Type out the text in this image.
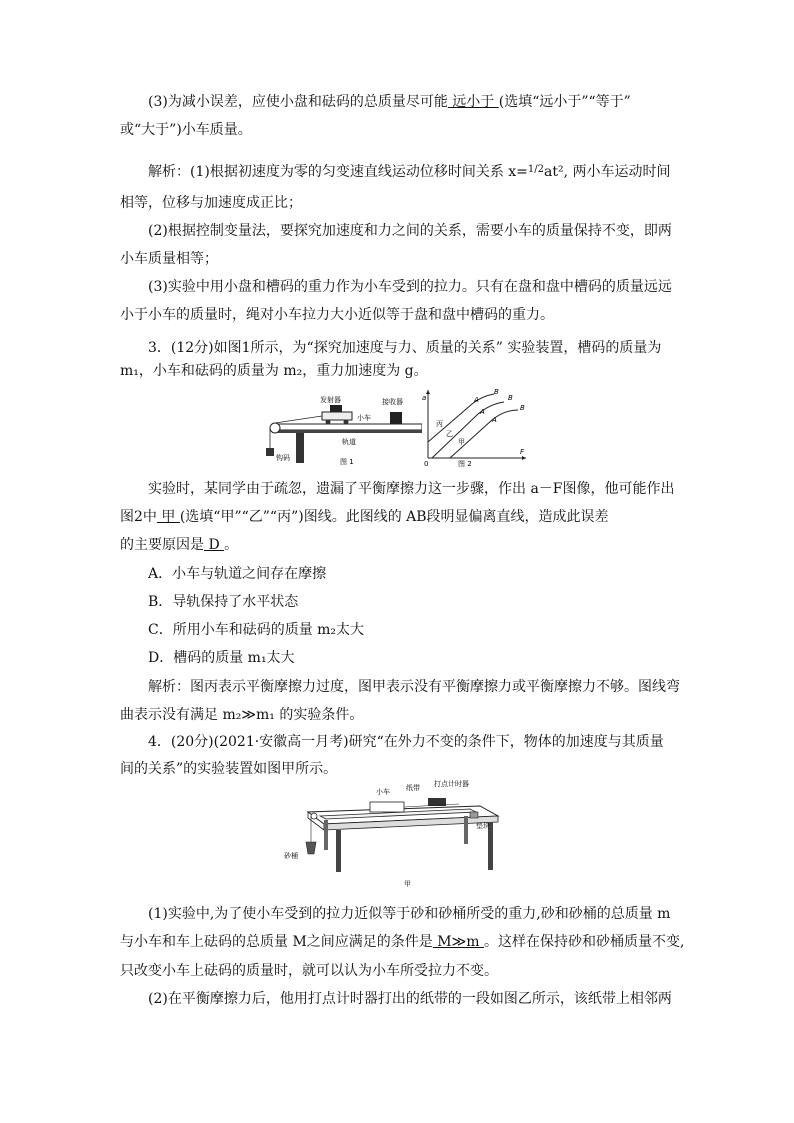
(3)为减小误差，应使小盘和砝码的总质量尽可能 远小于 (选填“远小于”“等于”
或“大于”)小车质量。
解析：(1)根据初速度为零的匀变速直线运动位移时间关系 x=$^{1/2}$at², 两小车运动时间
相等，位移与加速度成正比；
(2)根据控制变量法，要探究加速度和力之间的关系，需要小车的质量保持不变，即两
小车质量相等；
(3)实验中用小盘和槽码的重力作为小车受到的拉力。只有在盘和盘中槽码的质量远远
小于小车的质量时，绳对小车拉力大小近似等于盘和盘中槽码的重力。
3．(12分)如图1所示，为“探究加速度与力、质量的关系” 实验装置，槽码的质量为
m₁，小车和砝码的质量为 m₂，重力加速度为 g。
实验时，某同学由于疏忽，遗漏了平衡摩擦力这一步骤，作出 a－F图像，他可能作出
图2中 甲 (选填“甲”“乙”“丙”)图线。此图线的 AB段明显偏离直线，造成此误差
的主要原因是 D 。
A．小车与轨道之间存在摩擦
B．导轨保持了水平状态
C．所用小车和砝码的质量 m₂太大
D．槽码的质量 m₁太大
解析：图丙表示平衡摩擦力过度，图甲表示没有平衡摩擦力或平衡摩擦力不够。图线弯
曲表示没有满足 m₂≫m₁ 的实验条件。
4．(20分)(2021·安徽高一月考)研究“在外力不变的条件下，物体的加速度与其质量
间的关系”的实验装置如图甲所示。
(1)实验中,为了使小车受到的拉力近似等于砂和砂桶所受的重力,砂和砂桶的总质量 m
与小车和车上砝码的总质量 M之间应满足的条件是 M≫m 。这样在保持砂和砂桶质量不变,
只改变小车上砝码的质量时，就可以认为小车所受拉力不变。
(2)在平衡摩擦力后，他用打点计时器打出的纸带的一段如图乙所示，该纸带上相邻两
发射器	接收器
小车
轨道
钩码	图 1
a
F
0
丙
乙
甲
B
A
A
B
A
B
图 2
小车 纸带 打点计时器
垫块
砂桶
甲
